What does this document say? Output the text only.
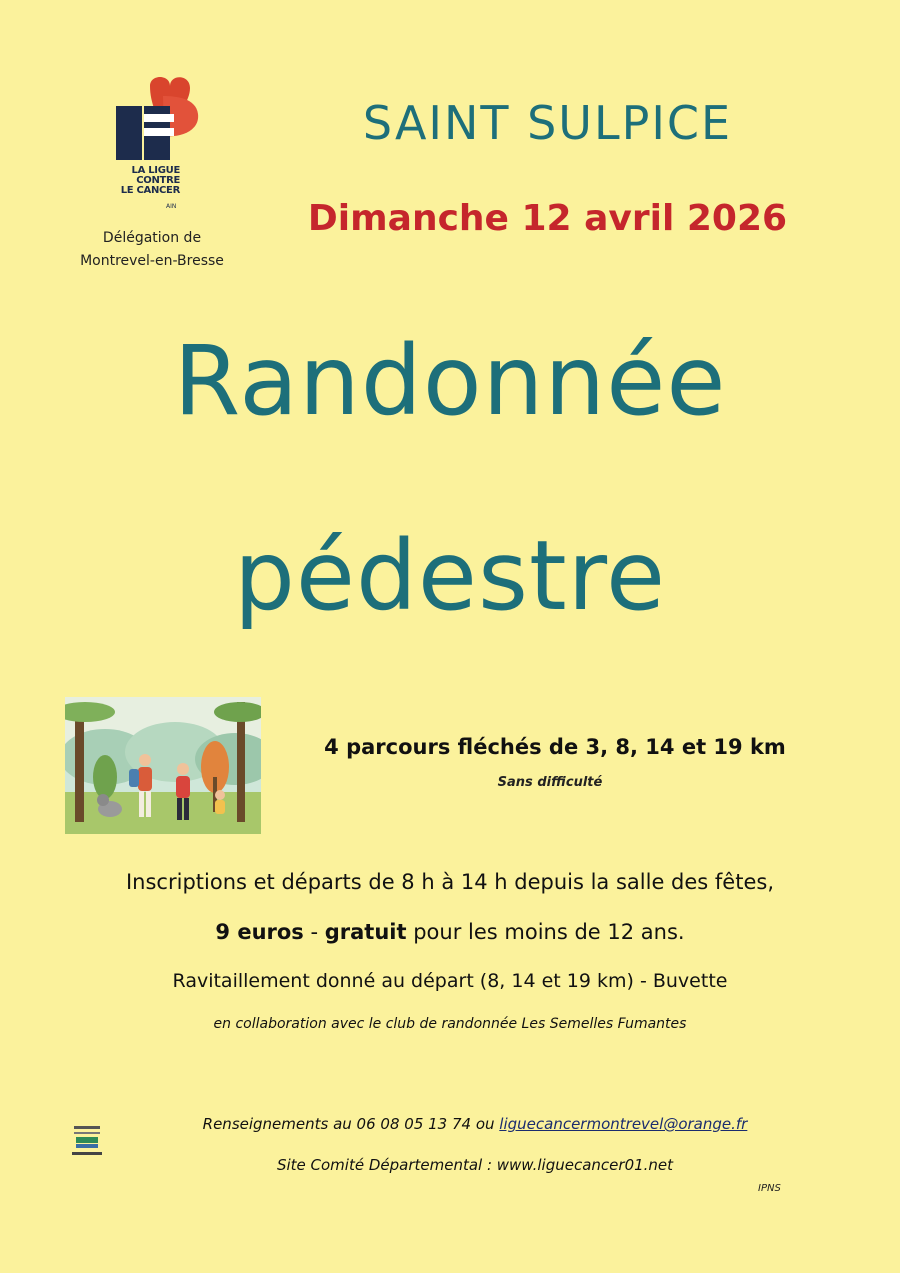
LA LIGUE
CONTRE
LE CANCER
AIN
Délégation de
Montrevel-en-Bresse
SAINT SULPICE
Dimanche 12 avril 2026
Randonnée
pédestre
4 parcours fléchés de 3, 8, 14 et 19 km
Sans difficulté
Inscriptions et départs de 8 h à 14 h depuis la salle des fêtes,
9 euros - gratuit pour les moins de 12 ans.
Ravitaillement donné au départ (8, 14 et 19 km) - Buvette
en collaboration avec le club de randonnée Les Semelles Fumantes
Renseignements au 06 08 05 13 74 ou liguecancermontrevel@orange.fr
Site Comité Départemental : www.liguecancer01.net
IPNS
